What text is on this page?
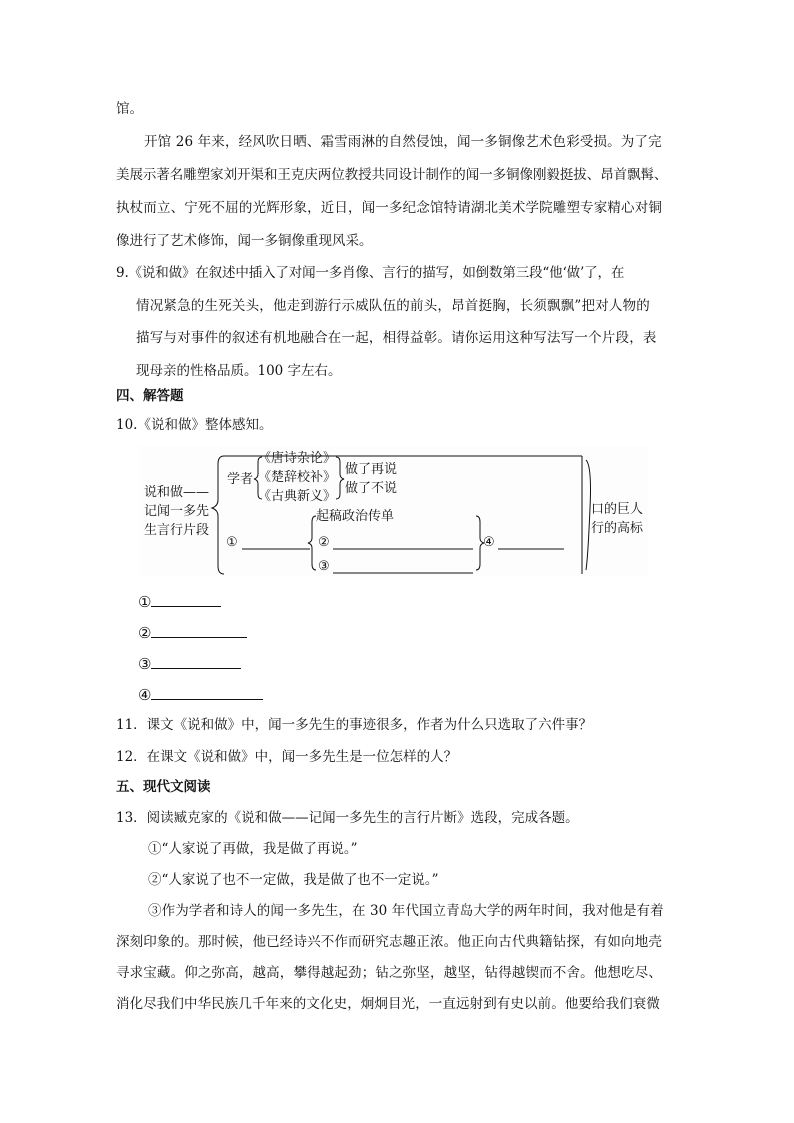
馆。
开馆 26 年来，经风吹日晒、霜雪雨淋的自然侵蚀，闻一多铜像艺术色彩受损。为了完
美展示著名雕塑家刘开渠和王克庆两位教授共同设计制作的闻一多铜像刚毅挺拔、昂首飘髯、
执杖而立、宁死不屈的光辉形象，近日，闻一多纪念馆特请湖北美术学院雕塑专家精心对铜
像进行了艺术修饰，闻一多铜像重现风采。
9.《说和做》在叙述中插入了对闻一多肖像、言行的描写，如倒数第三段“他‘做’了，在
情况紧急的生死关头，他走到游行示威队伍的前头，昂首挺胸，长须飘飘”把对人物的
描写与对事件的叙述有机地融合在一起，相得益彰。请你运用这种写法写一个片段，表
现母亲的性格品质。100 字左右。
四、解答题
10.《说和做》整体感知。
说和做——
记闻一多先
生言行片段
学者
《唐诗杂论》
《楚辞校补》
《古典新义》
做了再说
做了不说
①
起稿政治传单
②
③
④
口的巨人
行的高标
①
②
③
④
11．课文《说和做》中，闻一多先生的事迹很多，作者为什么只选取了六件事？
12．在课文《说和做》中，闻一多先生是一位怎样的人？
五、现代文阅读
13．阅读臧克家的《说和做——记闻一多先生的言行片断》选段，完成各题。
①“人家说了再做，我是做了再说。”
②“人家说了也不一定做，我是做了也不一定说。”
③作为学者和诗人的闻一多先生，在 30 年代国立青岛大学的两年时间，我对他是有着
深刻印象的。那时候，他已经诗兴不作而研究志趣正浓。他正向古代典籍钻探，有如向地壳
寻求宝藏。仰之弥高，越高，攀得越起劲；钻之弥坚，越坚，钻得越锲而不舍。他想吃尽、
消化尽我们中华民族几千年来的文化史，炯炯目光，一直远射到有史以前。他要给我们衰微
